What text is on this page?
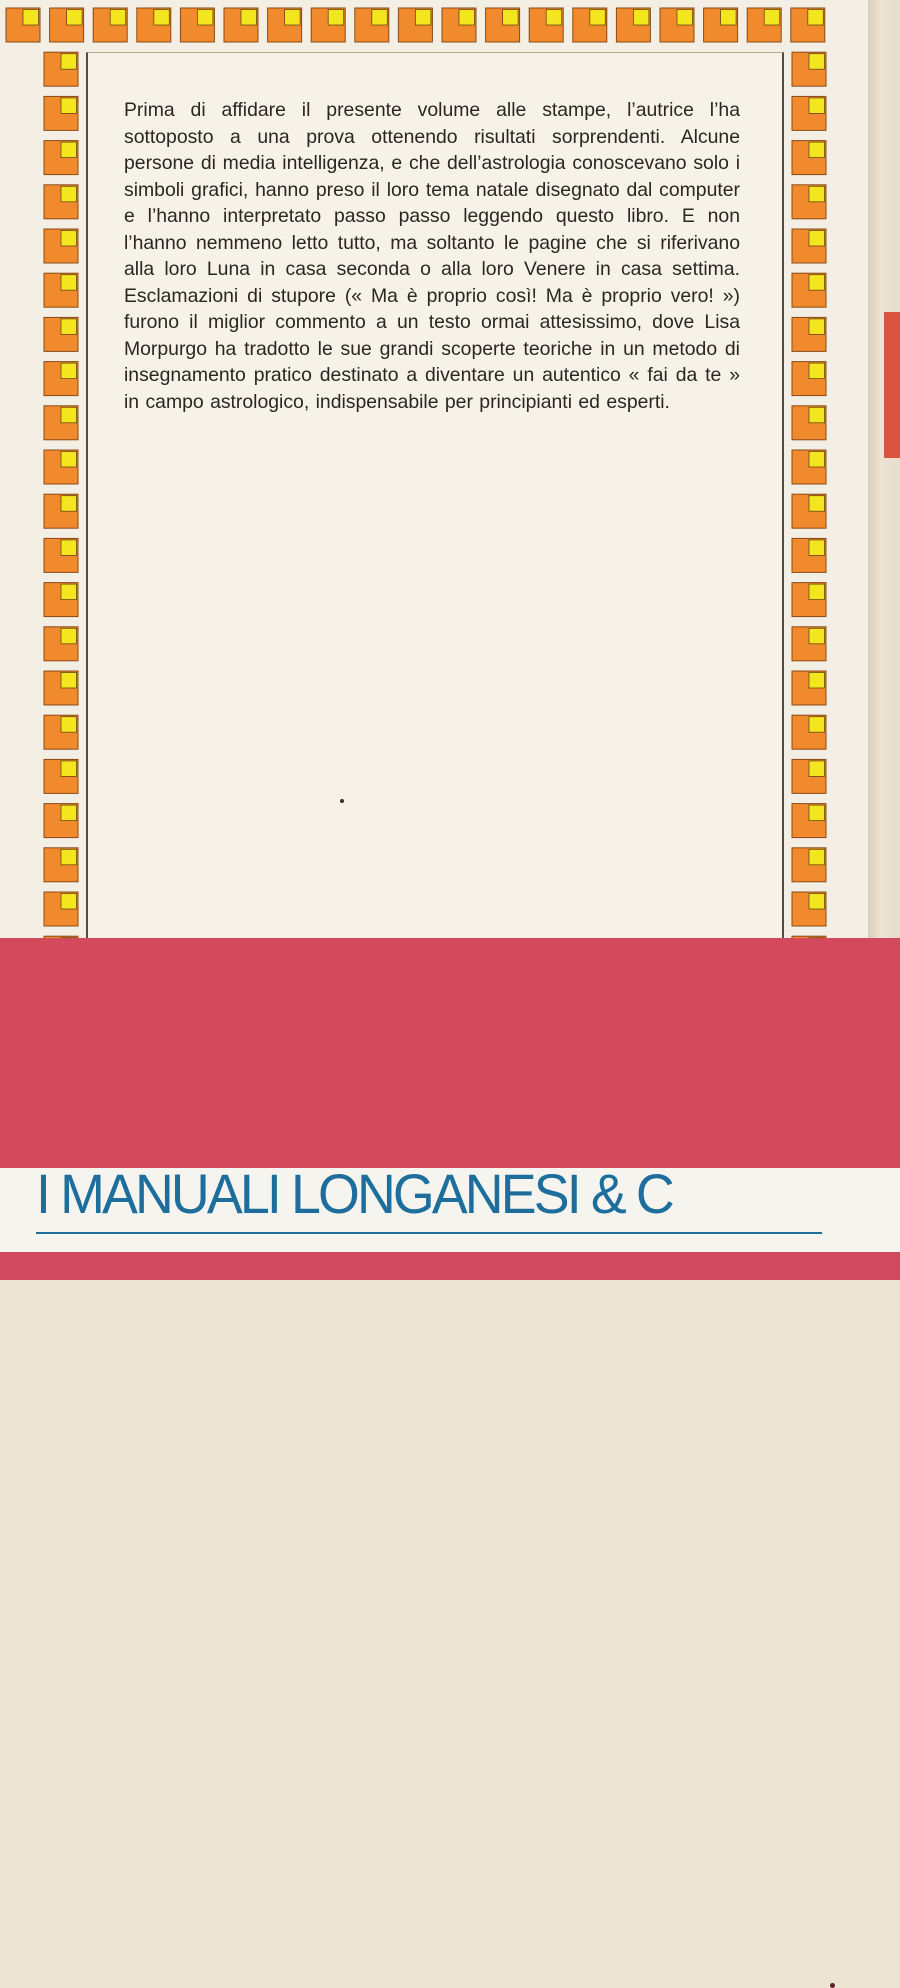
Prima di affidare il presente volume alle stampe, l’autrice l’ha sottoposto a una prova ottenendo risultati sorprendenti. Alcune persone di media intelligenza, e che dell’astrologia conoscevano solo i simboli grafici, hanno preso il loro tema natale disegnato dal computer e l’hanno interpretato passo passo leggendo questo libro. E non l’hanno nemmeno letto tutto, ma soltanto le pagine che si riferivano alla loro Luna in casa seconda o alla loro Venere in casa settima. Esclamazioni di stupore (« Ma è proprio così! Ma è proprio vero! ») furono il miglior commento a un testo ormai attesissimo, dove Lisa Morpurgo ha tradotto le sue grandi scoperte teoriche in un metodo di insegnamento pratico destinato a diventare un autentico « fai da te » in campo astrologico, indispensabile per principianti ed esperti.

I MANUALI LONGANESI & C
